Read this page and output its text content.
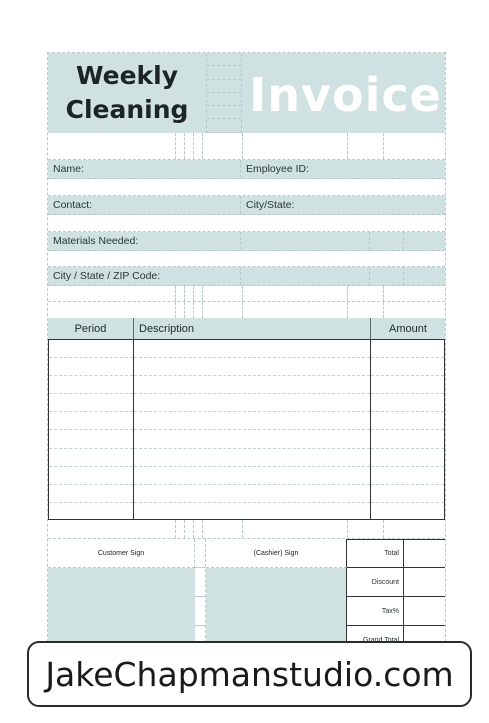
Weekly
Cleaning Invoice
Name:	Employee ID:
Contact:	City/State:
Materials Needed:
City / State / ZIP Code:
Period	Description	Amount
Customer Sign	(Cashier) Sign	Total
Discount
Tax%
JakeChapmanstudio.com
